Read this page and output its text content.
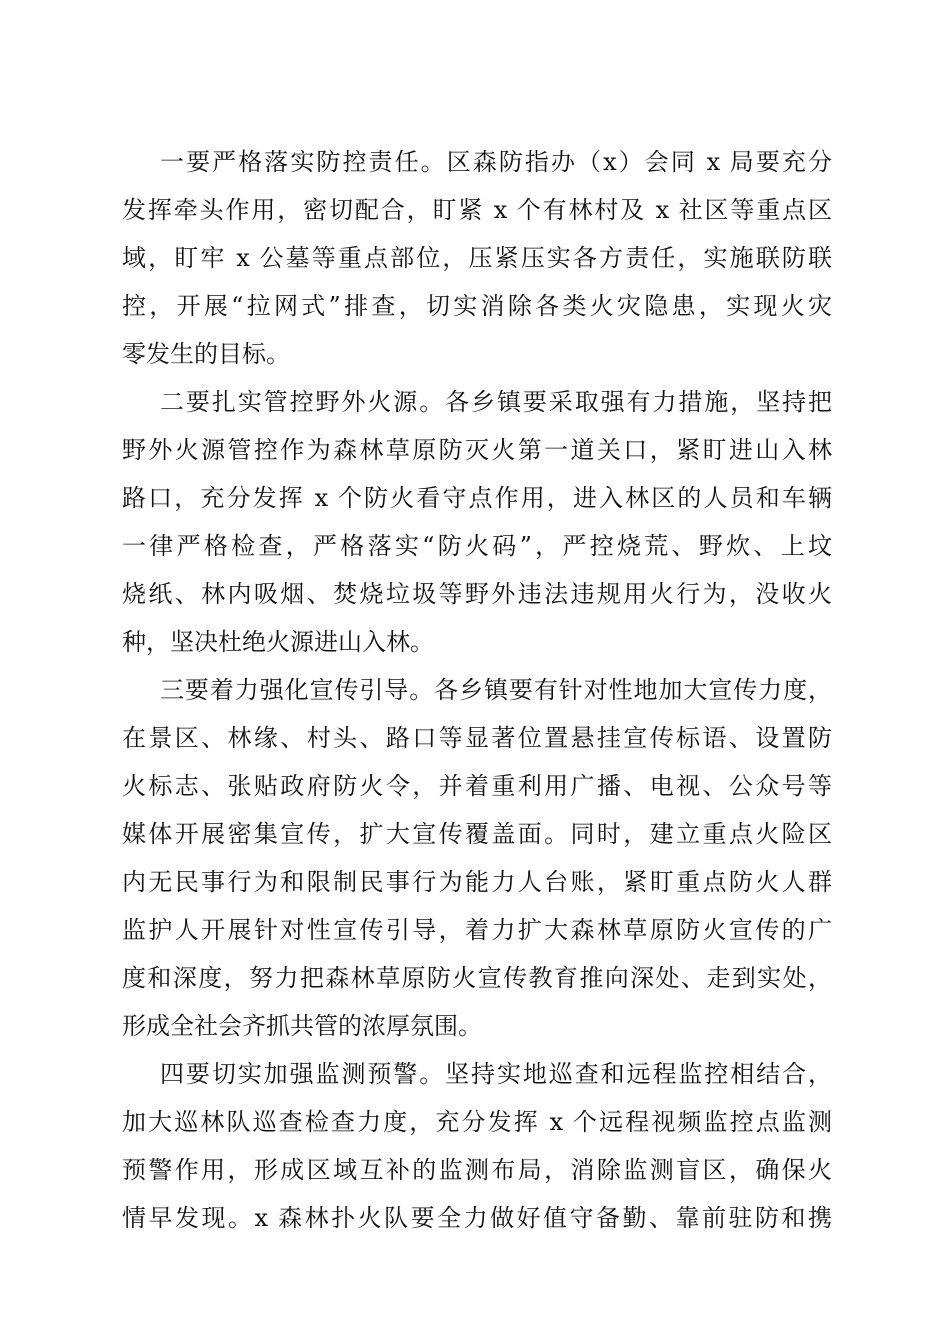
一要严格落实防控责任。区森防指办（x）会同 x 局要充分
发挥牵头作用，密切配合，盯紧 x 个有林村及 x 社区等重点区
域，盯牢 x 公墓等重点部位，压紧压实各方责任，实施联防联
控，开展“拉网式”排查，切实消除各类火灾隐患，实现火灾
零发生的目标。
二要扎实管控野外火源。各乡镇要采取强有力措施，坚持把
野外火源管控作为森林草原防灭火第一道关口，紧盯进山入林
路口，充分发挥 x 个防火看守点作用，进入林区的人员和车辆
一律严格检查，严格落实“防火码”，严控烧荒、野炊、上坟
烧纸、林内吸烟、焚烧垃圾等野外违法违规用火行为，没收火
种，坚决杜绝火源进山入林。
三要着力强化宣传引导。各乡镇要有针对性地加大宣传力度，
在景区、林缘、村头、路口等显著位置悬挂宣传标语、设置防
火标志、张贴政府防火令，并着重利用广播、电视、公众号等
媒体开展密集宣传，扩大宣传覆盖面。同时，建立重点火险区
内无民事行为和限制民事行为能力人台账，紧盯重点防火人群
监护人开展针对性宣传引导，着力扩大森林草原防火宣传的广
度和深度，努力把森林草原防火宣传教育推向深处、走到实处，
形成全社会齐抓共管的浓厚氛围。
四要切实加强监测预警。坚持实地巡查和远程监控相结合，
加大巡林队巡查检查力度，充分发挥 x 个远程视频监控点监测
预警作用，形成区域互补的监测布局，消除监测盲区，确保火
情早发现。x 森林扑火队要全力做好值守备勤、靠前驻防和携
